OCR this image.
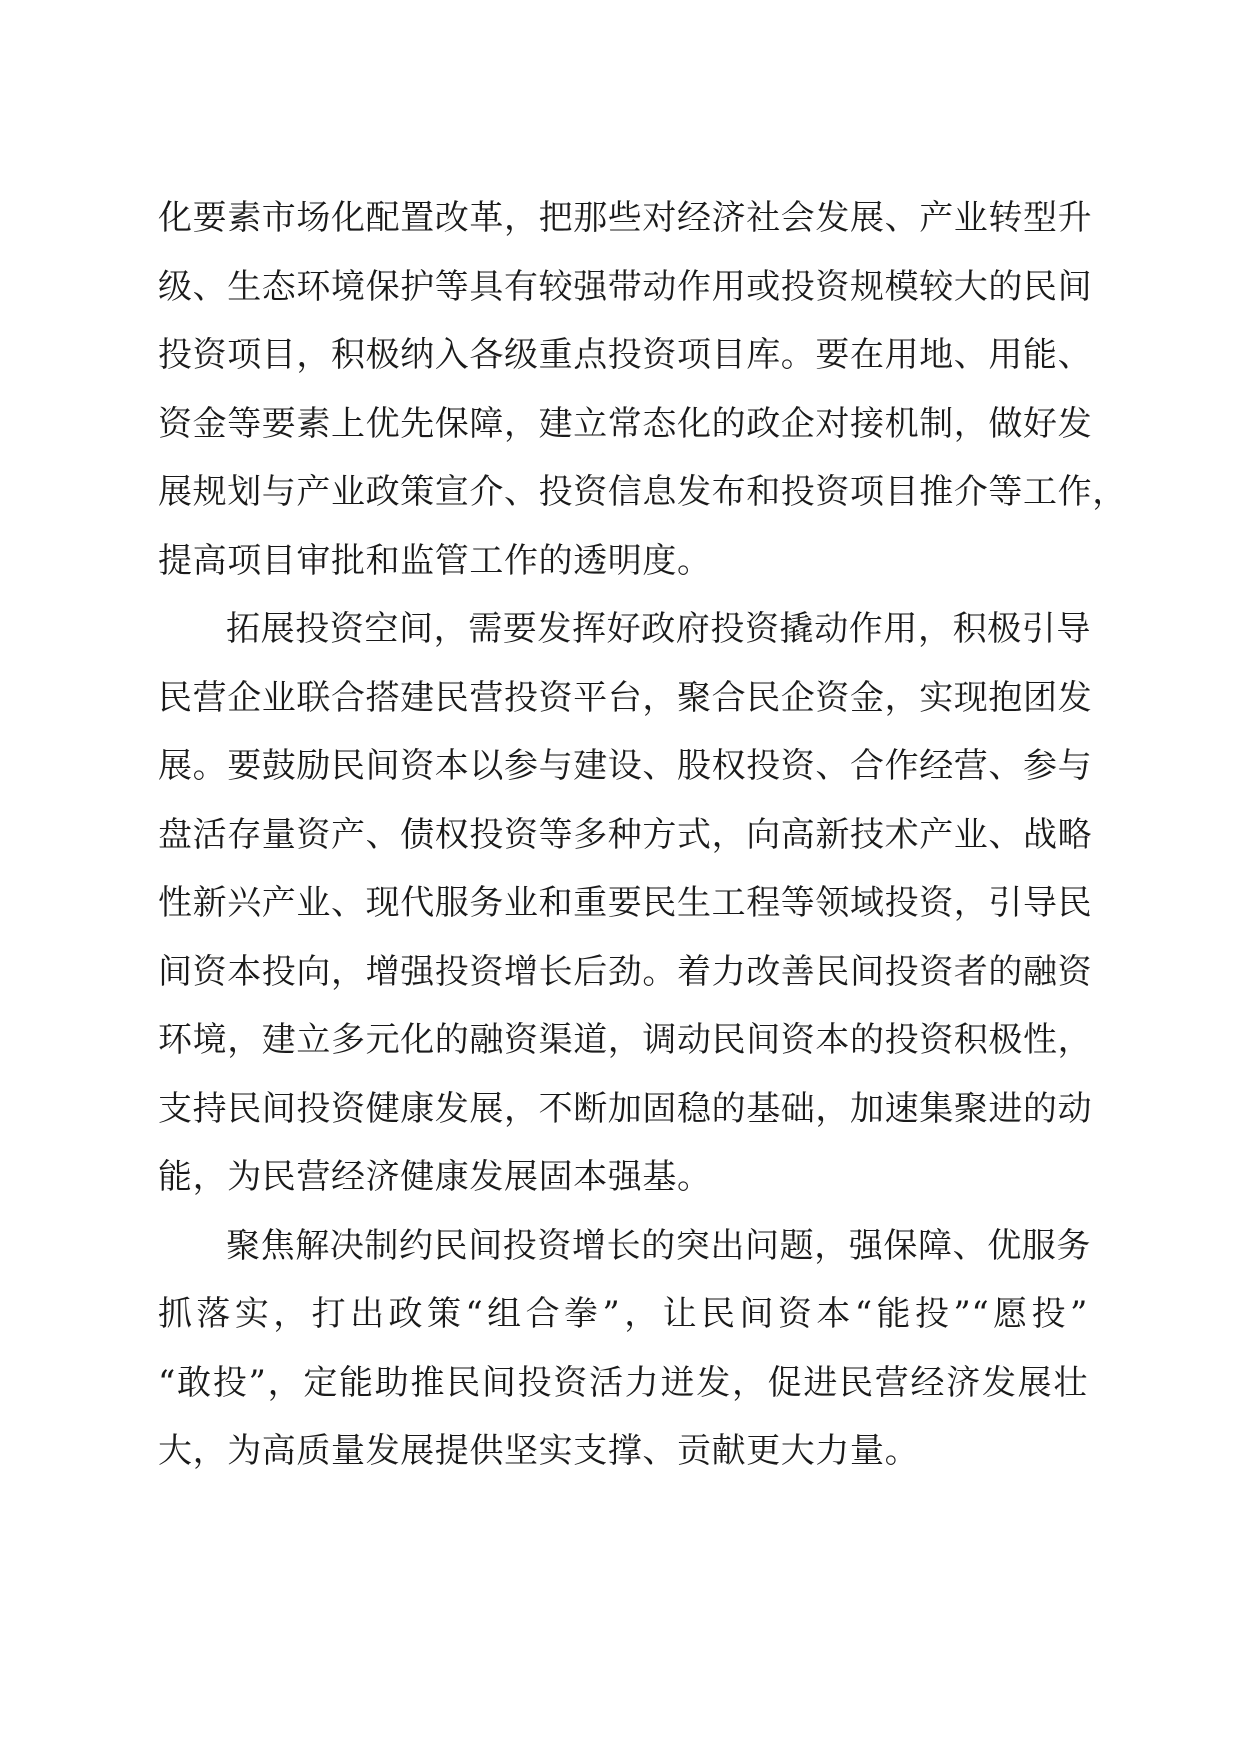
化要素市场化配置改革，把那些对经济社会发展、产业转型升
级、生态环境保护等具有较强带动作用或投资规模较大的民间
投资项目，积极纳入各级重点投资项目库。要在用地、用能、
资金等要素上优先保障，建立常态化的政企对接机制，做好发
展规划与产业政策宣介、投资信息发布和投资项目推介等工作，
提高项目审批和监管工作的透明度。
拓展投资空间，需要发挥好政府投资撬动作用，积极引导
民营企业联合搭建民营投资平台，聚合民企资金，实现抱团发
展。要鼓励民间资本以参与建设、股权投资、合作经营、参与
盘活存量资产、债权投资等多种方式，向高新技术产业、战略
性新兴产业、现代服务业和重要民生工程等领域投资，引导民
间资本投向，增强投资增长后劲。着力改善民间投资者的融资
环境，建立多元化的融资渠道，调动民间资本的投资积极性，
支持民间投资健康发展，不断加固稳的基础，加速集聚进的动
能，为民营经济健康发展固本强基。
聚焦解决制约民间投资增长的突出问题，强保障、优服务
抓落实，打出政策“组合拳”，让民间资本“能投”“愿投”
“敢投”，定能助推民间投资活力迸发，促进民营经济发展壮
大，为高质量发展提供坚实支撑、贡献更大力量。
